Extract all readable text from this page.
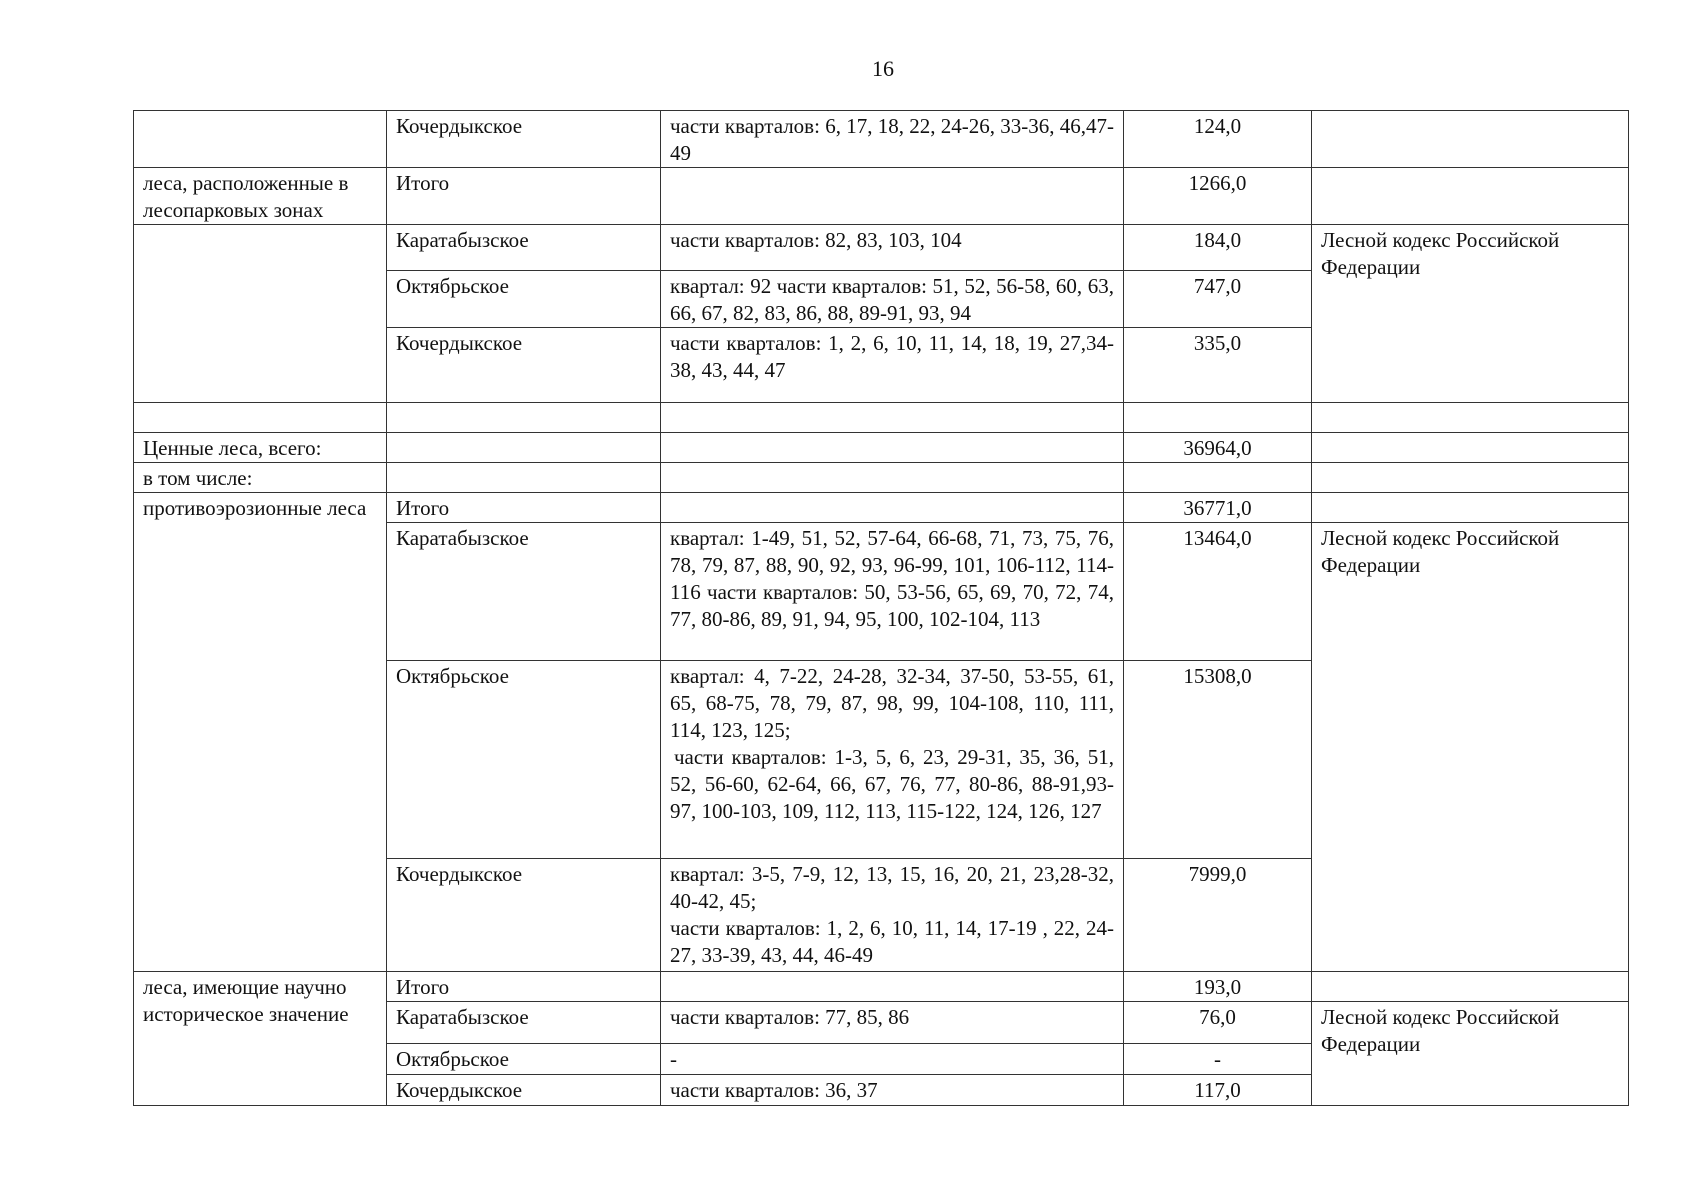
16
	Кочердыкское	части кварталов: 6, 17, 18, 22, 24-26, 33-36, 46,47-49	124,0	
леса, расположенные в лесопарковых зонах	Итого		1266,0	
	Каратабызское	части кварталов: 82, 83, 103, 104	184,0	Лесной кодекс Российской Федерации
	Октябрьское	квартал: 92 части кварталов: 51, 52, 56-58, 60, 63, 66, 67, 82, 83, 86, 88, 89-91, 93, 94	747,0	
	Кочердыкское	части кварталов: 1, 2, 6, 10, 11, 14, 18, 19, 27,34-38, 43, 44, 47	335,0	

Ценные леса, всего:			36964,0	
в том числе:				
противоэрозионные леса	Итого		36771,0	
	Каратабызское	квартал: 1-49, 51, 52, 57-64, 66-68, 71, 73, 75, 76, 78, 79, 87, 88, 90, 92, 93, 96-99, 101, 106-112, 114-116 части кварталов: 50, 53-56, 65, 69, 70, 72, 74, 77, 80-86, 89, 91, 94, 95, 100, 102-104, 113	13464,0	Лесной кодекс Российской Федерации
	Октябрьское	квартал: 4, 7-22, 24-28, 32-34, 37-50, 53-55, 61, 65, 68-75, 78, 79, 87, 98, 99, 104-108, 110, 111, 114, 123, 125;
части кварталов: 1-3, 5, 6, 23, 29-31, 35, 36, 51, 52, 56-60, 62-64, 66, 67, 76, 77, 80-86, 88-91,93-97, 100-103, 109, 112, 113, 115-122, 124, 126, 127	15308,0	
	Кочердыкское	квартал: 3-5, 7-9, 12, 13, 15, 16, 20, 21, 23,28-32, 40-42, 45;
части кварталов: 1, 2, 6, 10, 11, 14, 17-19 , 22, 24-27, 33-39, 43, 44, 46-49	7999,0	
леса, имеющие научно историческое значение	Итого		193,0	
	Каратабызское	части кварталов: 77, 85, 86	76,0	Лесной кодекс Российской Федерации
	Октябрьское	-	-	
	Кочердыкское	части кварталов: 36, 37	117,0	
